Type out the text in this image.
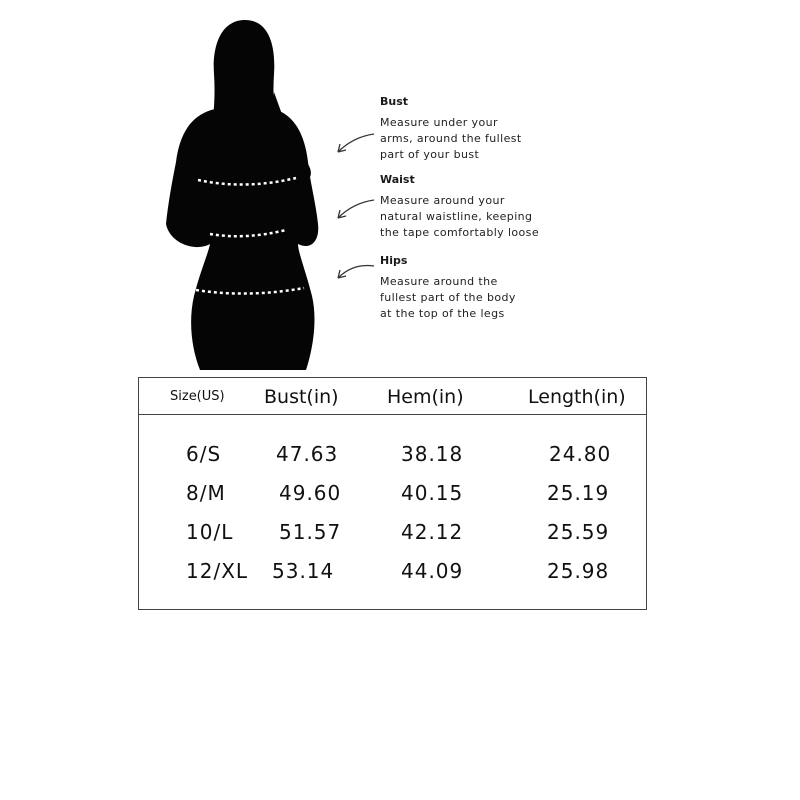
Bust
Measure under your
arms, around the fullest
part of your bust
Waist
Measure around your
natural waistline, keeping
the tape comfortably loose
Hips
Measure around the
fullest part of the body
at the top of the legs
Size(US) Bust(in)	Hem(in)	Length(in)
6/S	47.63	38.18	24.80
8/M	49.60	40.15	25.19
10/L 51.57	42.12	25.59
12/XL 53.14	44.09	25.98
